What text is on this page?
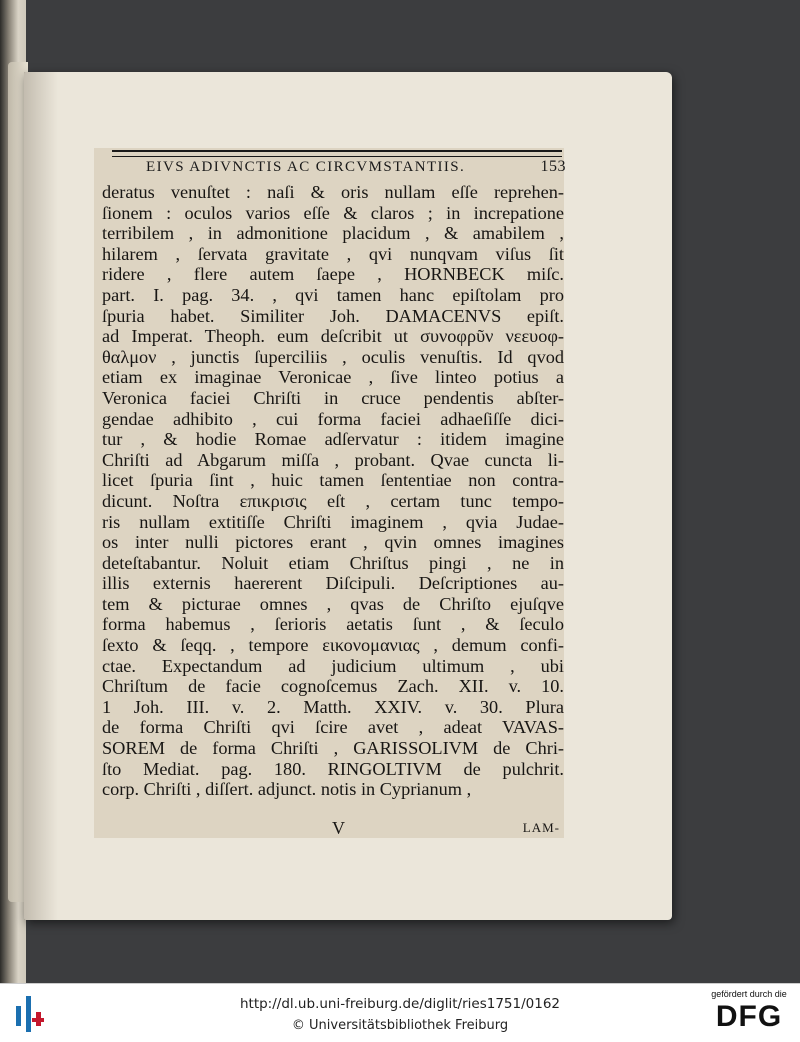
EIVS ADIVNCTIS AC CIRCVMSTANTIIS.	153
deratus venuſtet : naſi & oris nullam eſſe reprehen-
ſionem : oculos varios eſſe & claros ; in increpatione
terribilem , in admonitione placidum , & amabilem ,
hilarem , ſervata gravitate , qvi nunqvam viſus ſit
ridere , flere autem ſaepe , HORNBECK miſc.
part. I. pag. 34. , qvi tamen hanc epiſtolam pro
ſpuria habet. Similiter Joh. DAMACENVS epiſt.
ad Imperat. Theoph. eum deſcribit ut συνοφρῦν νεευοφ-
θαλμον , junctis ſuperciliis , oculis venuſtis. Id qvod
etiam ex imaginae Veronicae , ſive linteo potius a
Veronica faciei Chriſti in cruce pendentis abſter-
gendae adhibito , cui forma faciei adhaeſiſſe dici-
tur , & hodie Romae adſervatur : itidem imagine
Chriſti ad Abgarum miſſa , probant. Qvae cuncta li-
licet ſpuria ſint , huic tamen ſententiae non contra-
dicunt. Noſtra επικρισις eſt , certam tunc tempo-
ris nullam extitiſſe Chriſti imaginem , qvia Judae-
os inter nulli pictores erant , qvin omnes imagines
deteſtabantur. Noluit etiam Chriſtus pingi , ne in
illis externis haererent Diſcipuli. Deſcriptiones au-
tem & picturae omnes , qvas de Chriſto ejuſqve
forma habemus , ſerioris aetatis ſunt , & ſeculo
ſexto & ſeqq. , tempore εικονομανιας , demum confi-
ctae. Expectandum ad judicium ultimum , ubi
Chriſtum de facie cognoſcemus Zach. XII. v. 10.
1 Joh. III. v. 2. Matth. XXIV. v. 30. Plura
de forma Chriſti qvi ſcire avet , adeat VAVAS-
SOREM de forma Chriſti , GARISSOLIVM de Chri-
ſto Mediat. pag. 180. RINGOLTIVM de pulchrit.
corp. Chriſti , diſſert. adjunct. notis in Cyprianum ,
V	LAM-
http://dl.ub.uni-freiburg.de/diglit/ries1751/0162
© Universitätsbibliothek Freiburg
gefördert durch die
DFG
